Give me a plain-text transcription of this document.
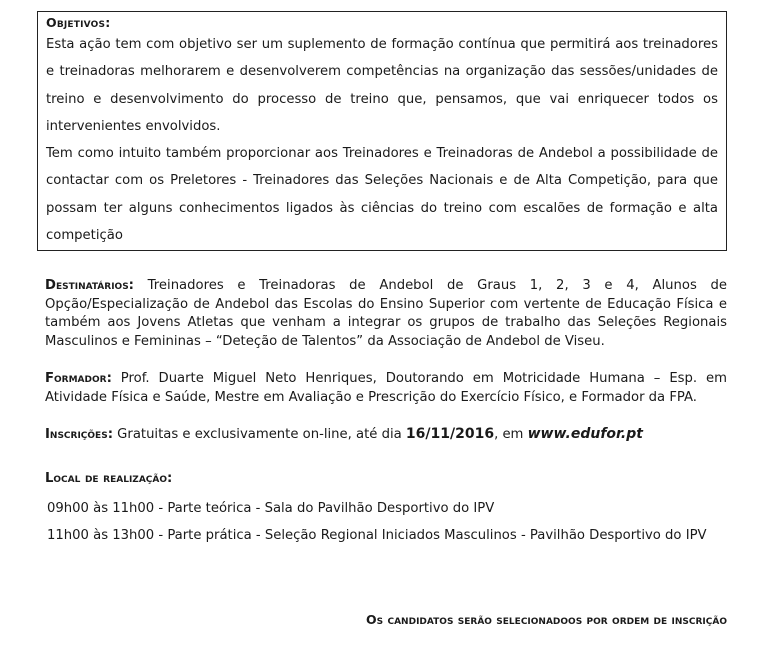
Objetivos:

Esta ação tem com objetivo ser um suplemento de formação contínua que permitirá aos treinadores e treinadoras melhorarem e desenvolverem competências na organização das sessões/unidades de treino e desenvolvimento do processo de treino que, pensamos, que vai enriquecer todos os intervenientes envolvidos.

Tem como intuito também proporcionar aos Treinadores e Treinadoras de Andebol a possibilidade de contactar com os Preletores - Treinadores das Seleções Nacionais e de Alta Competição, para que possam ter alguns conhecimentos ligados às ciências do treino com escalões de formação e alta competição

Destinatários: Treinadores e Treinadoras de Andebol de Graus 1, 2, 3 e 4, Alunos de Opção/Especialização de Andebol das Escolas do Ensino Superior com vertente de Educação Física e também aos Jovens Atletas que venham a integrar os grupos de trabalho das Seleções Regionais Masculinos e Femininas – “Deteção de Talentos” da Associação de Andebol de Viseu.

Formador: Prof. Duarte Miguel Neto Henriques, Doutorando em Motricidade Humana – Esp. em Atividade Física e Saúde, Mestre em Avaliação e Prescrição do Exercício Físico, e Formador da FPA.

Inscrições: Gratuitas e exclusivamente on-line, até dia 16/11/2016, em www.edufor.pt

Local de realização:

09h00 às 11h00 - Parte teórica - Sala do Pavilhão Desportivo do IPV

11h00 às 13h00 - Parte prática - Seleção Regional Iniciados Masculinos - Pavilhão Desportivo do IPV

Os candidatos serão selecionadoos por ordem de inscrição
